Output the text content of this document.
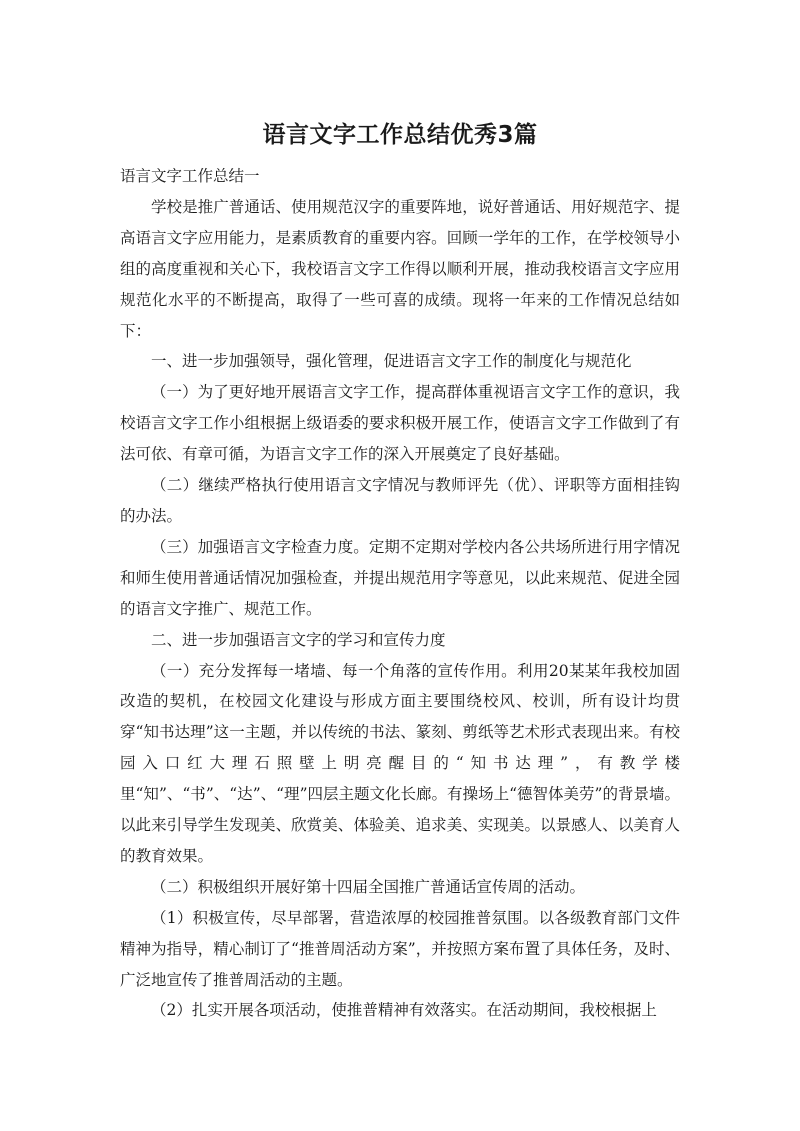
语言文字工作总结优秀3篇

语言文字工作总结一

学校是推广普通话、使用规范汉字的重要阵地，说好普通话、用好规范字、提高语言文字应用能力，是素质教育的重要内容。回顾一学年的工作，在学校领导小组的高度重视和关心下，我校语言文字工作得以顺利开展，推动我校语言文字应用规范化水平的不断提高，取得了一些可喜的成绩。现将一年来的工作情况总结如下：

一、进一步加强领导，强化管理，促进语言文字工作的制度化与规范化

（一）为了更好地开展语言文字工作，提高群体重视语言文字工作的意识，我校语言文字工作小组根据上级语委的要求积极开展工作，使语言文字工作做到了有法可依、有章可循，为语言文字工作的深入开展奠定了良好基础。

（二）继续严格执行使用语言文字情况与教师评先（优）、评职等方面相挂钩的办法。

（三）加强语言文字检查力度。定期不定期对学校内各公共场所进行用字情况和师生使用普通话情况加强检查，并提出规范用字等意见，以此来规范、促进全园的语言文字推广、规范工作。

二、进一步加强语言文字的学习和宣传力度

（一）充分发挥每一堵墙、每一个角落的宣传作用。利用20某某年我校加固改造的契机，在校园文化建设与形成方面主要围绕校风、校训，所有设计均贯穿“知书达理”这一主题，并以传统的书法、篆刻、剪纸等艺术形式表现出来。有校园入口红大理石照壁上明亮醒目的“知书达理”，有教学楼里“知”、“书”、“达”、“理”四层主题文化长廊。有操场上“德智体美劳”的背景墙。以此来引导学生发现美、欣赏美、体验美、追求美、实现美。以景感人、以美育人的教育效果。

（二）积极组织开展好第十四届全国推广普通话宣传周的活动。

（1）积极宣传，尽早部署，营造浓厚的校园推普氛围。以各级教育部门文件精神为指导，精心制订了“推普周活动方案”，并按照方案布置了具体任务，及时、广泛地宣传了推普周活动的主题。

（2）扎实开展各项活动，使推普精神有效落实。在活动期间，我校根据上
